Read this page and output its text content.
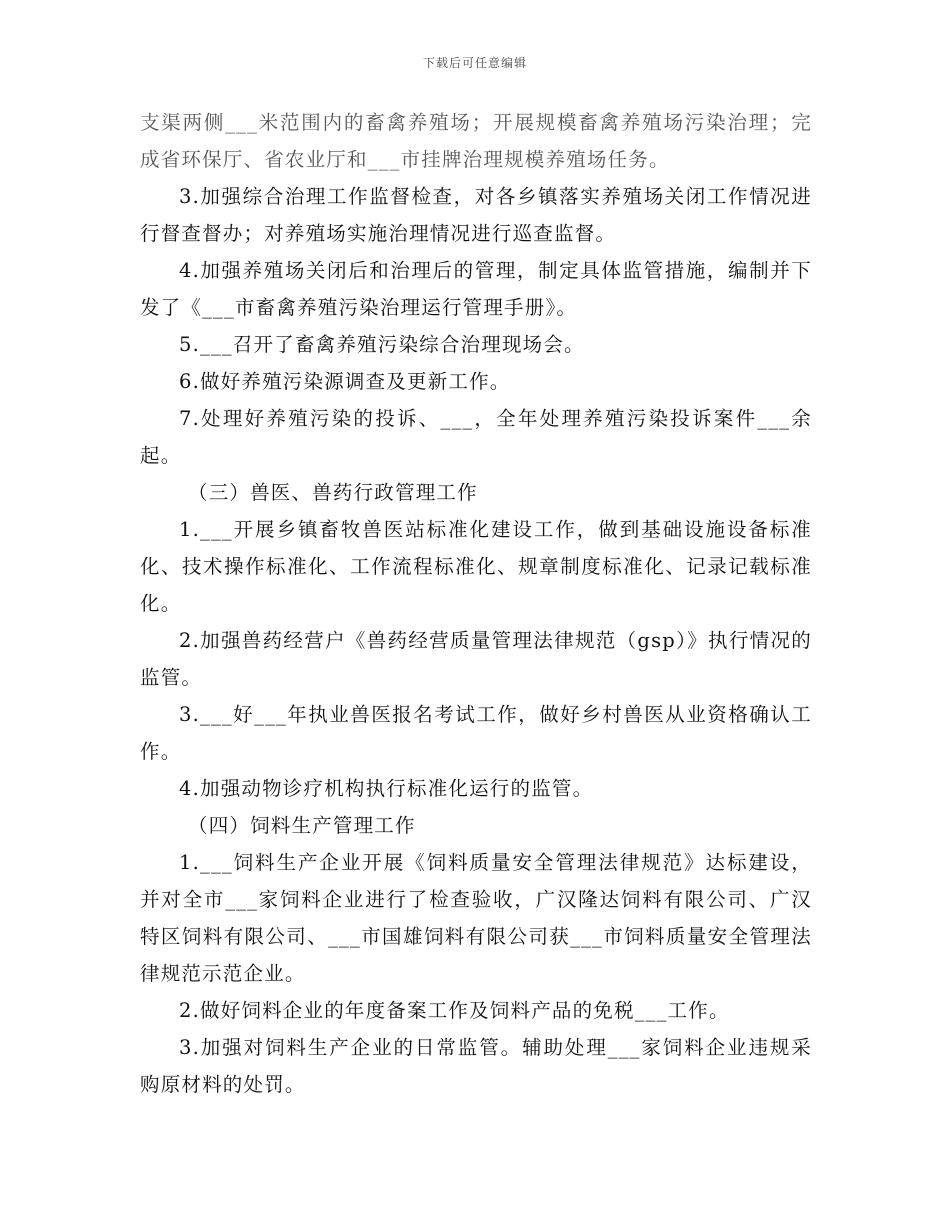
下载后可任意编辑

支渠两侧___米范围内的畜禽养殖场；开展规模畜禽养殖场污染治理；完成省环保厅、省农业厅和___市挂牌治理规模养殖场任务。

3.加强综合治理工作监督检查，对各乡镇落实养殖场关闭工作情况进行督查督办；对养殖场实施治理情况进行巡查监督。

4.加强养殖场关闭后和治理后的管理，制定具体监管措施，编制并下发了《___市畜禽养殖污染治理运行管理手册》。

5.___召开了畜禽养殖污染综合治理现场会。

6.做好养殖污染源调查及更新工作。

7.处理好养殖污染的投诉、___，全年处理养殖污染投诉案件___余起。

（三）兽医、兽药行政管理工作

1.___开展乡镇畜牧兽医站标准化建设工作，做到基础设施设备标准化、技术操作标准化、工作流程标准化、规章制度标准化、记录记载标准化。

2.加强兽药经营户《兽药经营质量管理法律规范（gsp）》执行情况的监管。

3.___好___年执业兽医报名考试工作，做好乡村兽医从业资格确认工作。

4.加强动物诊疗机构执行标准化运行的监管。

（四）饲料生产管理工作

1.___饲料生产企业开展《饲料质量安全管理法律规范》达标建设，并对全市___家饲料企业进行了检查验收，广汉隆达饲料有限公司、广汉特区饲料有限公司、___市国雄饲料有限公司获___市饲料质量安全管理法律规范示范企业。

2.做好饲料企业的年度备案工作及饲料产品的免税___工作。

3.加强对饲料生产企业的日常监管。辅助处理___家饲料企业违规采购原材料的处罚。
